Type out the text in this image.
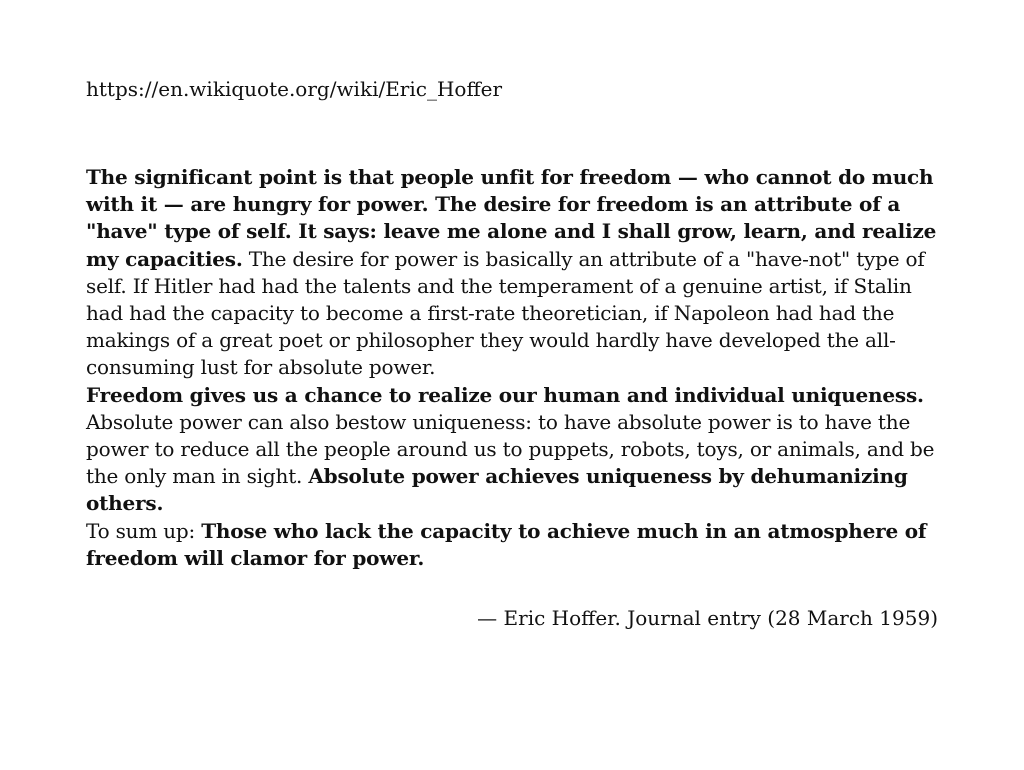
https://en.wikiquote.org/wiki/Eric_Hoffer

The significant point is that people unfit for freedom — who cannot do much with it — are hungry for power. The desire for freedom is an attribute of a "have" type of self. It says: leave me alone and I shall grow, learn, and realize my capacities. The desire for power is basically an attribute of a "have-not" type of self. If Hitler had had the talents and the temperament of a genuine artist, if Stalin had had the capacity to become a first-rate theoretician, if Napoleon had had the makings of a great poet or philosopher they would hardly have developed the all-consuming lust for absolute power.
Freedom gives us a chance to realize our human and individual uniqueness. Absolute power can also bestow uniqueness: to have absolute power is to have the power to reduce all the people around us to puppets, robots, toys, or animals, and be the only man in sight. Absolute power achieves uniqueness by dehumanizing others.
To sum up: Those who lack the capacity to achieve much in an atmosphere of freedom will clamor for power.

— Eric Hoffer. Journal entry (28 March 1959)
